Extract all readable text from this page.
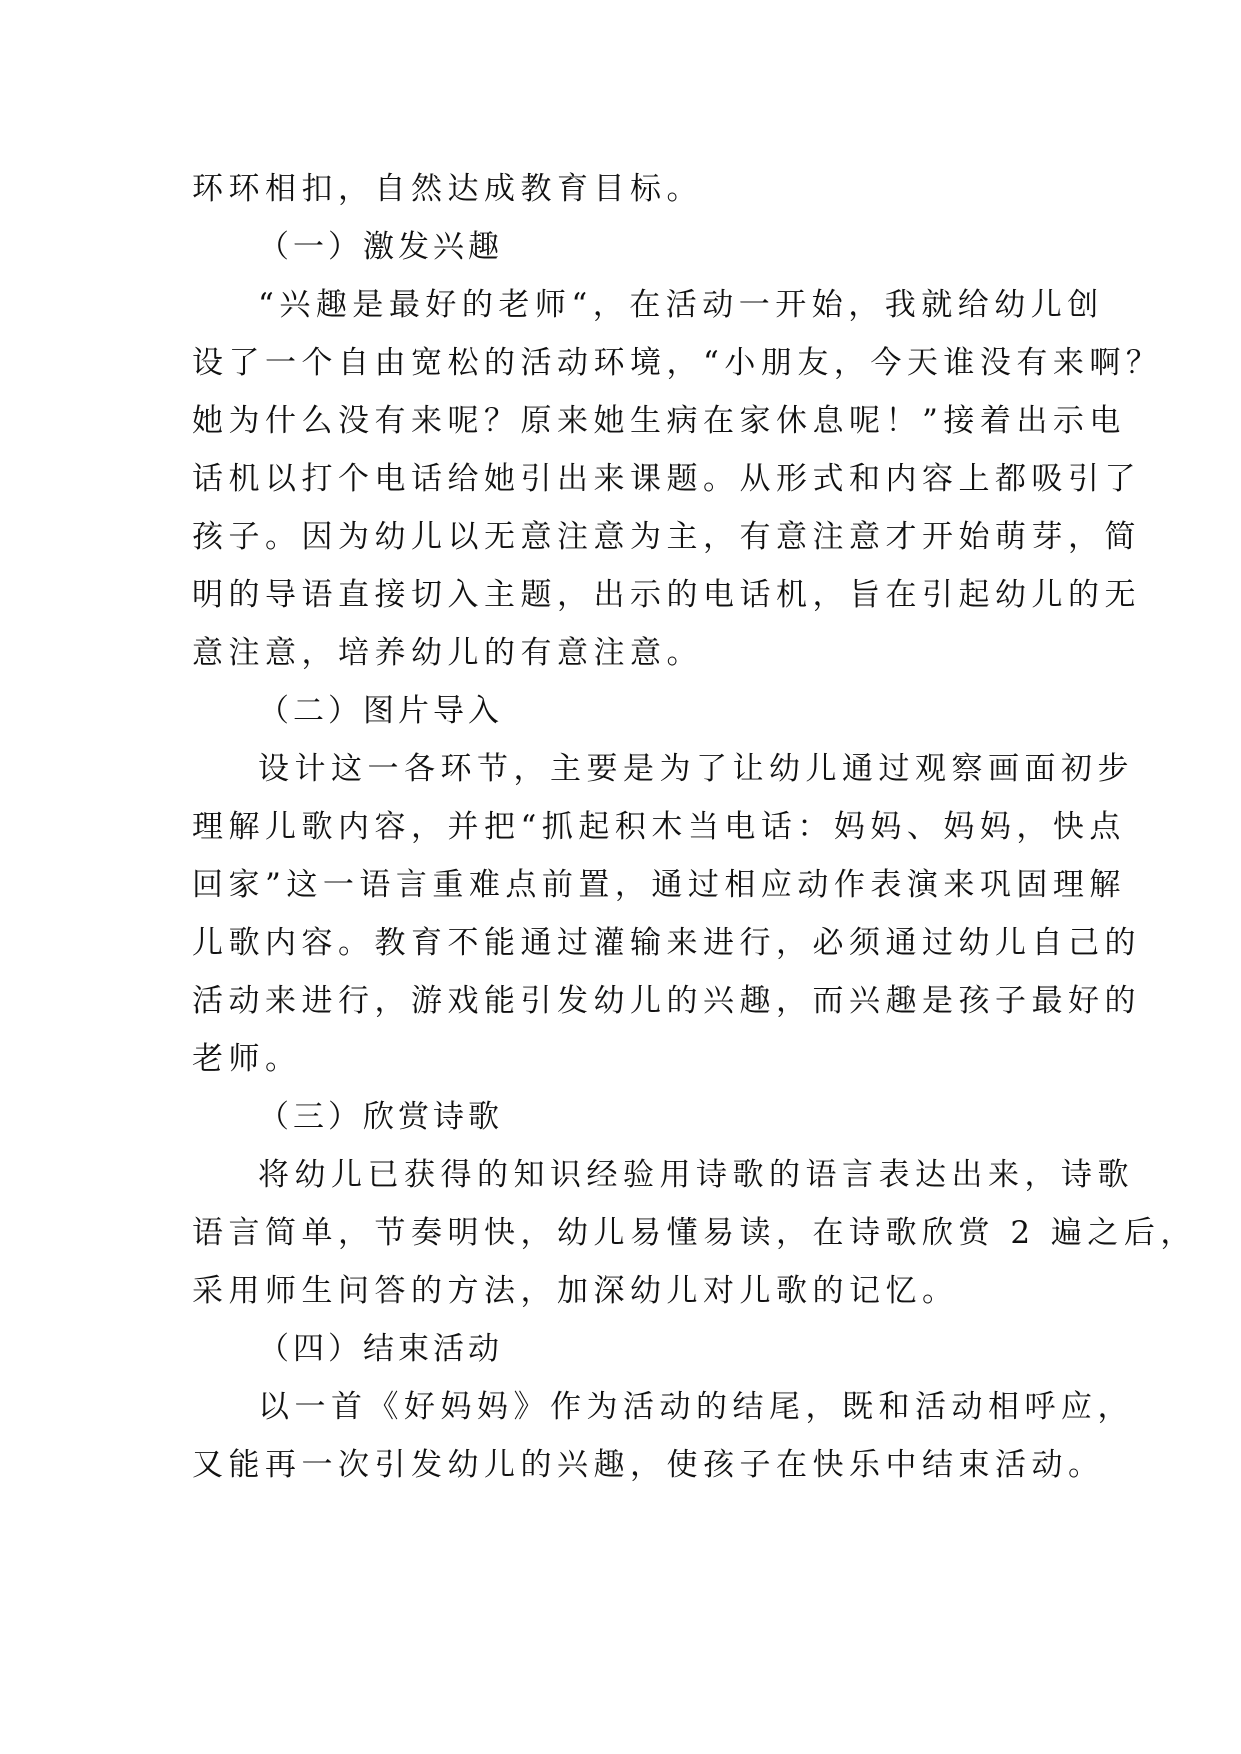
环环相扣，自然达成教育目标。
（一）激发兴趣
“兴趣是最好的老师“，在活动一开始，我就给幼儿创
设了一个自由宽松的活动环境，“小朋友，今天谁没有来啊？
她为什么没有来呢？原来她生病在家休息呢！”接着出示电
话机以打个电话给她引出来课题。从形式和内容上都吸引了
孩子。因为幼儿以无意注意为主，有意注意才开始萌芽，简
明的导语直接切入主题，出示的电话机，旨在引起幼儿的无
意注意，培养幼儿的有意注意。
（二）图片导入
设计这一各环节，主要是为了让幼儿通过观察画面初步
理解儿歌内容，并把“抓起积木当电话：妈妈、妈妈，快点
回家”这一语言重难点前置，通过相应动作表演来巩固理解
儿歌内容。教育不能通过灌输来进行，必须通过幼儿自己的
活动来进行，游戏能引发幼儿的兴趣，而兴趣是孩子最好的
老师。
（三）欣赏诗歌
将幼儿已获得的知识经验用诗歌的语言表达出来，诗歌
语言简单，节奏明快，幼儿易懂易读，在诗歌欣赏 2 遍之后，
采用师生问答的方法，加深幼儿对儿歌的记忆。
（四）结束活动
以一首《好妈妈》作为活动的结尾，既和活动相呼应，
又能再一次引发幼儿的兴趣，使孩子在快乐中结束活动。
